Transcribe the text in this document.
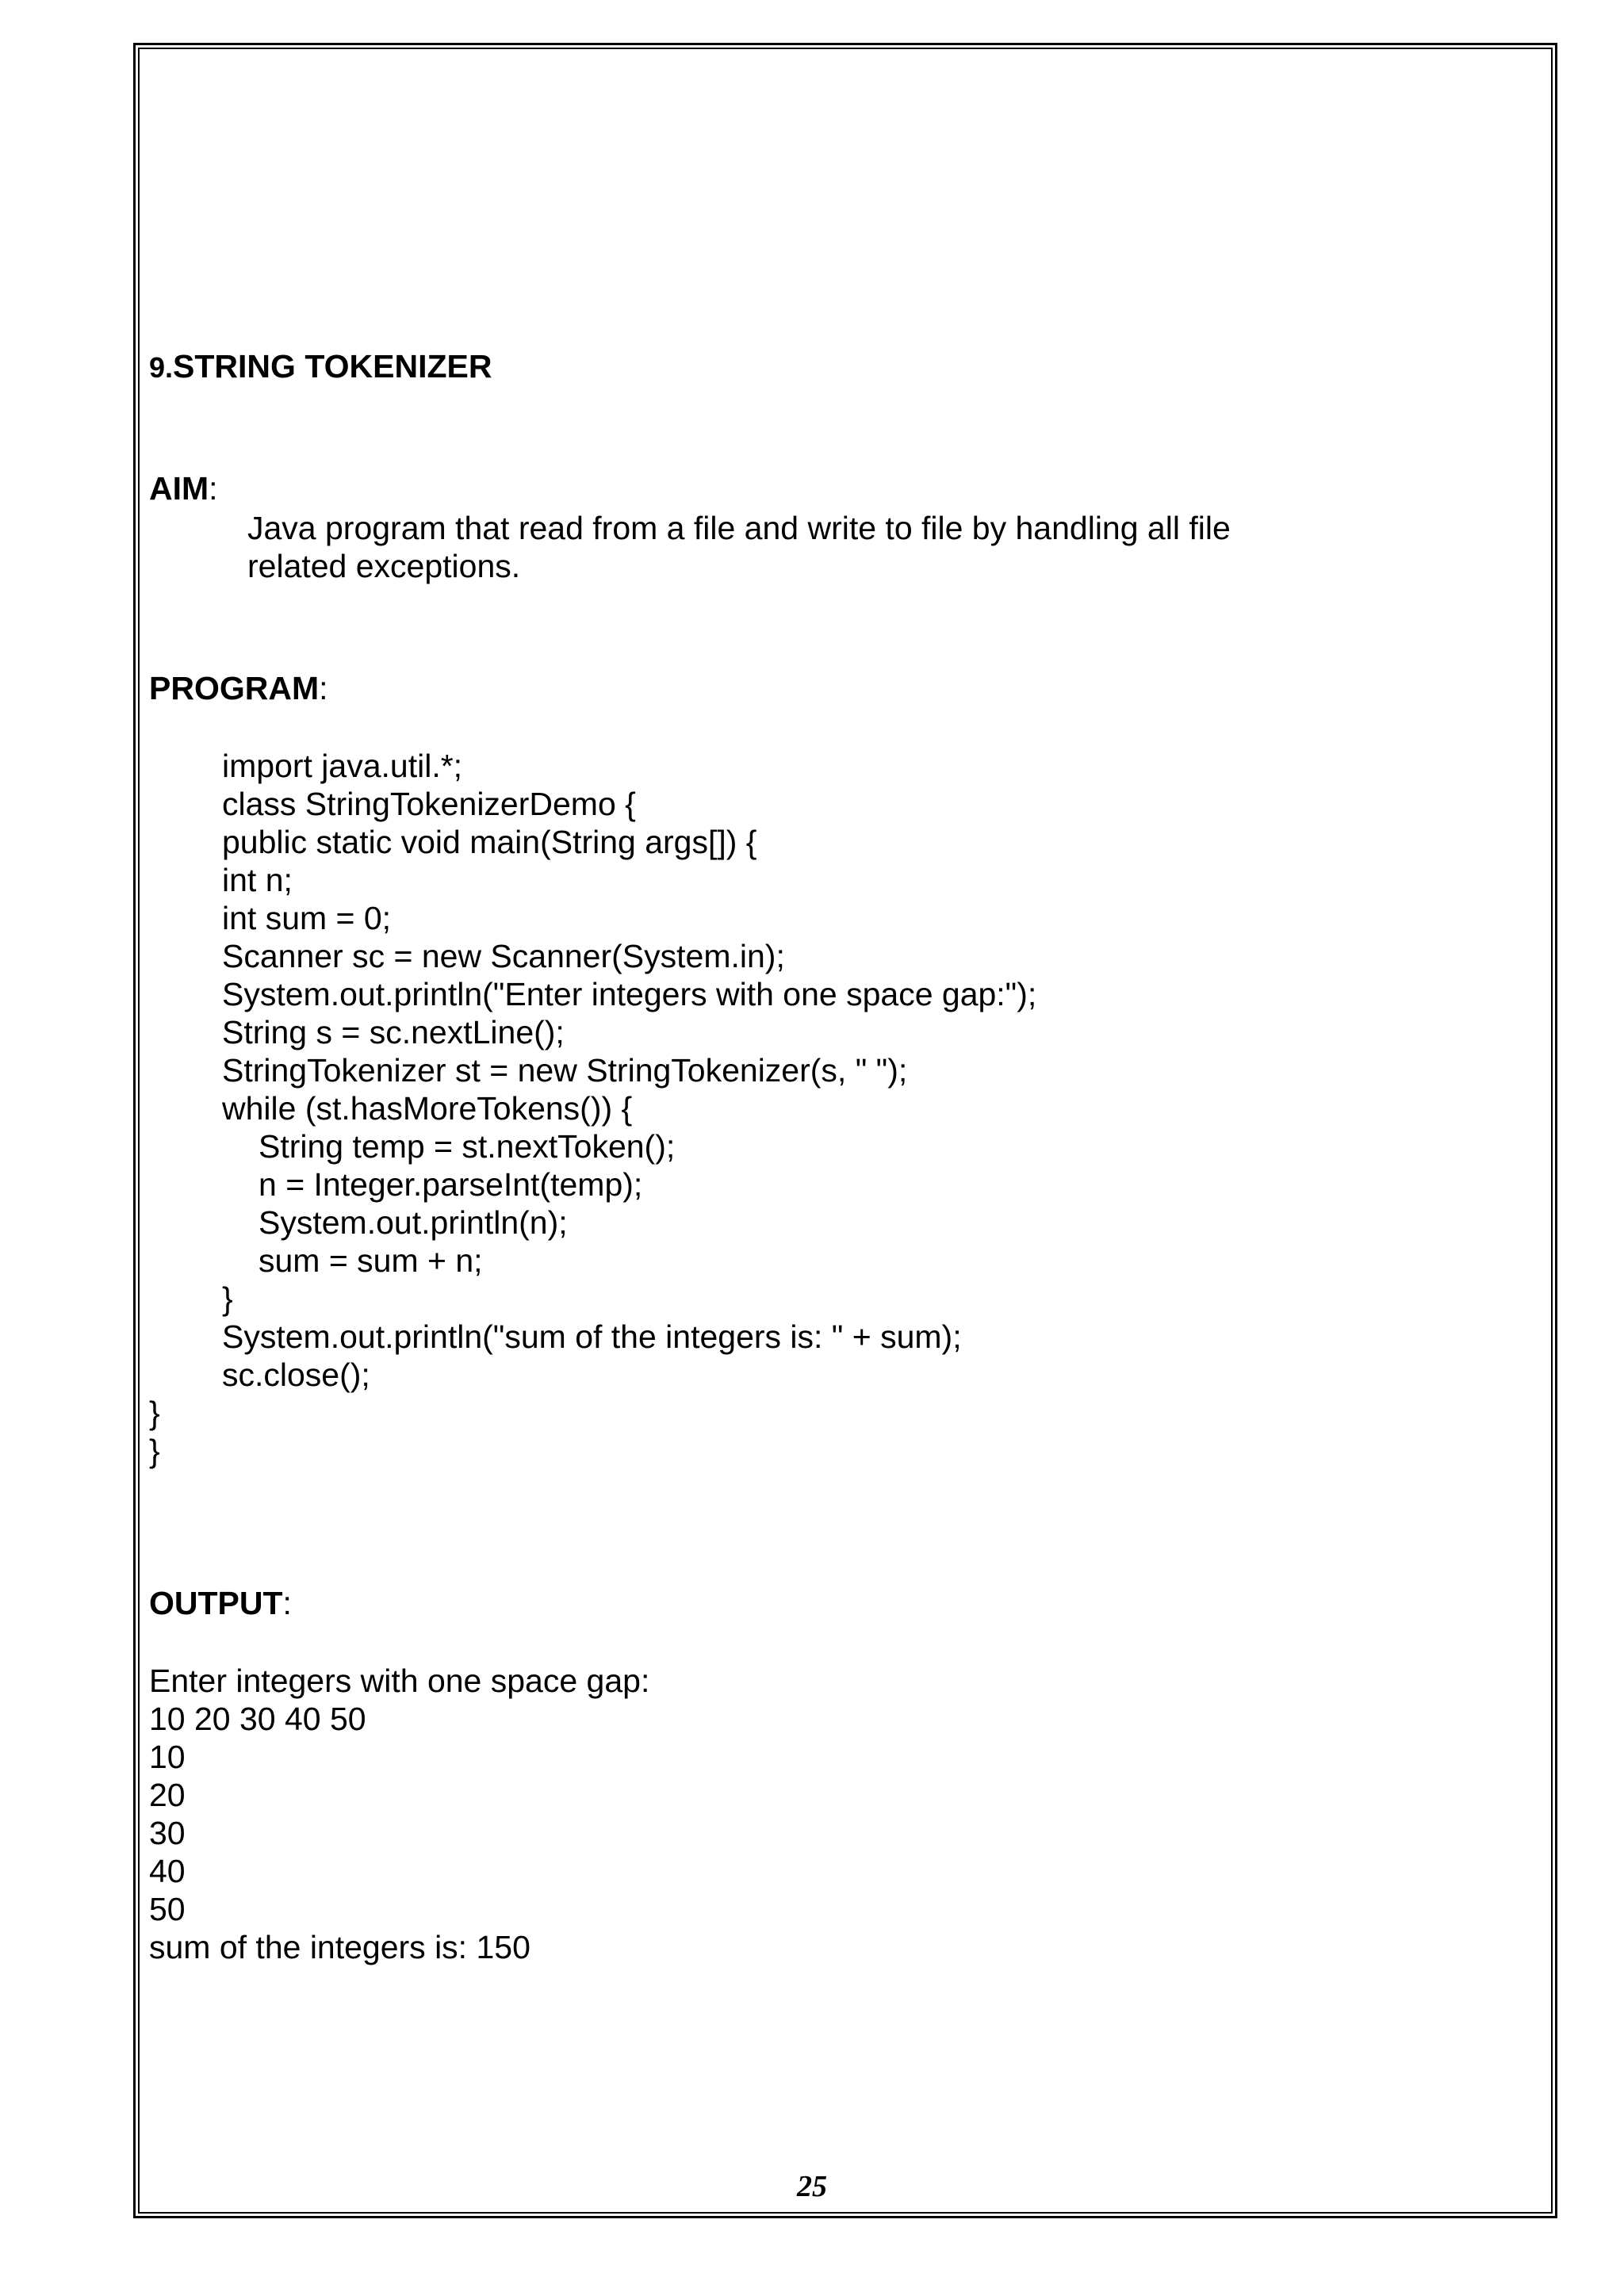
9.STRING TOKENIZER
AIM:
Java program that read from a file and write to file by handling all file
related exceptions.
PROGRAM:
import java.util.*;
class StringTokenizerDemo {
public static void main(String args[]) {
int n;
int sum = 0;
Scanner sc = new Scanner(System.in);
System.out.println("Enter integers with one space gap:");
String s = sc.nextLine();
StringTokenizer st = new StringTokenizer(s, " ");
while (st.hasMoreTokens()) {
String temp = st.nextToken();
n = Integer.parseInt(temp);
System.out.println(n);
sum = sum + n;
}
System.out.println("sum of the integers is: " + sum);
sc.close();
}
}
OUTPUT:
Enter integers with one space gap:
10 20 30 40 50
10
20
30
40
50
sum of the integers is: 150
25
